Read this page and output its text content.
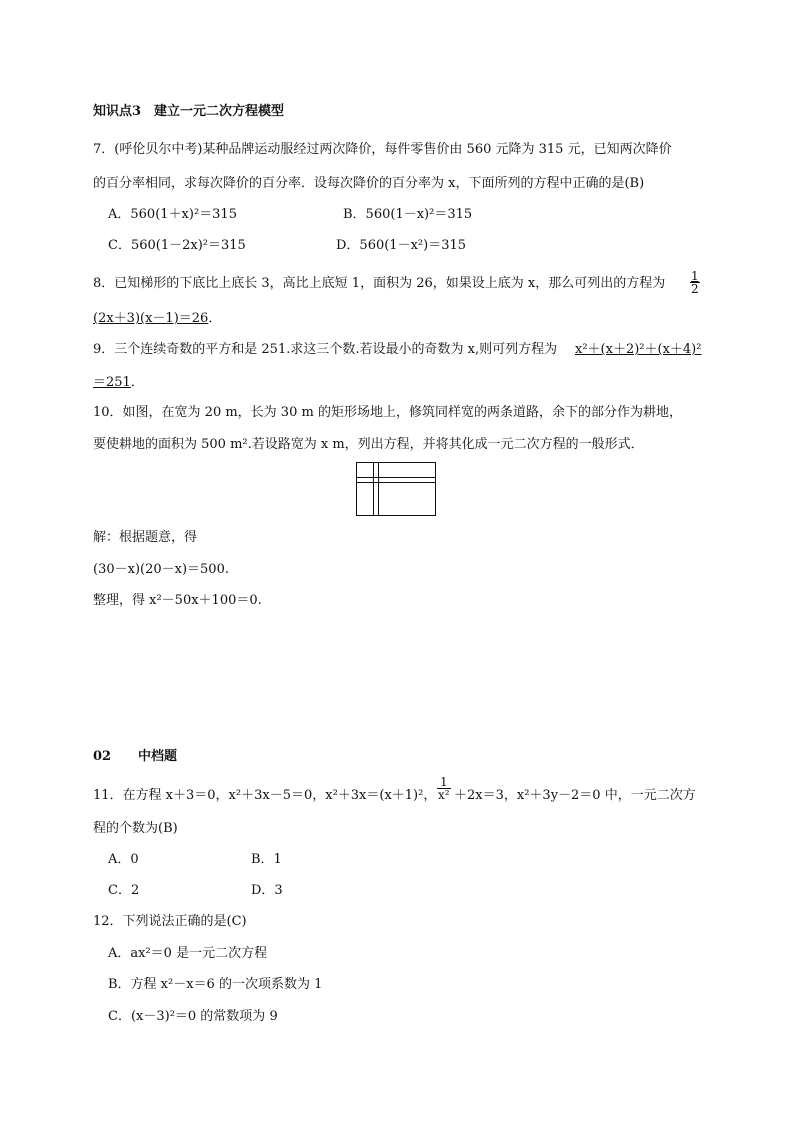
知识点3　建立一元二次方程模型
7．(呼伦贝尔中考)某种品牌运动服经过两次降价，每件零售价由 560 元降为 315 元，已知两次降价
的百分率相同，求每次降价的百分率．设每次降价的百分率为 x，下面所列的方程中正确的是(B)
A．560(1＋x)²＝315	B．560(1－x)²＝315
C．560(1－2x)²＝315	D．560(1－x²)＝315
8．已知梯形的下底比上底长 3，高比上底短 1，面积为 26，如果设上底为 x，那么可列出的方程为 $\frac{1}{2}$
(2x＋3)(x－1)＝26．
9．三个连续奇数的平方和是 251.求这三个数.若设最小的奇数为 x,则可列方程为 x²＋(x＋2)²＋(x＋4)²
＝251．
10．如图，在宽为 20 m，长为 30 m 的矩形场地上，修筑同样宽的两条道路，余下的部分作为耕地，
要使耕地的面积为 500 m².若设路宽为 x m，列出方程，并将其化成一元二次方程的一般形式．
解：根据题意，得
(30－x)(20－x)＝500.
整理，得 x²－50x＋100＝0.
02 中档题
11．在方程 x＋3＝0，x²＋3x－5＝0，x²＋3x＝(x＋1)²， $\frac{1}{\text{x²}} +2x=3$，x²＋3y－2＝0 中，一元二次方
程的个数为(B)
A．0	B．1
C．2	D．3
12．下列说法正确的是(C)
A．ax²＝0 是一元二次方程
B．方程 x²－x＝6 的一次项系数为 1
C．(x－3)²＝0 的常数项为 9
